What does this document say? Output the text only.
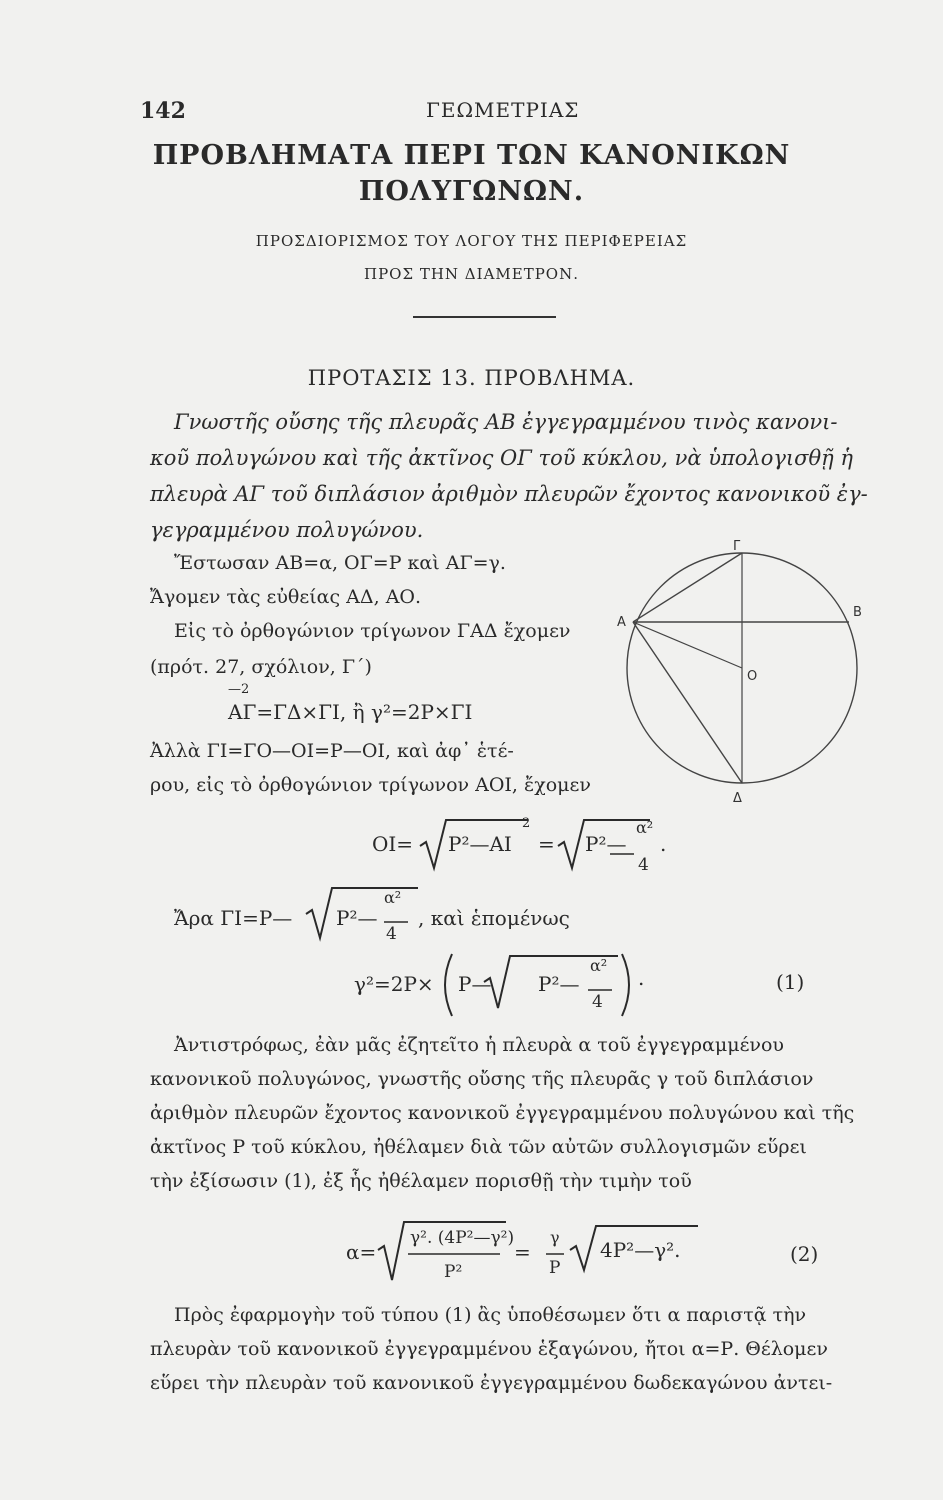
142	ΓΕΩΜΕΤΡΙΑΣ
ΠΡΟΒΛΗΜΑΤΑ ΠΕΡΙ ΤΩΝ ΚΑΝΟΝΙΚΩΝ
ΠΟΛΥΓΩΝΩΝ.
ΠΡΟΣΔΙΟΡΙΣΜΟΣ ΤΟΥ ΛΟΓΟΥ ΤΗΣ ΠΕΡΙΦΕΡΕΙΑΣ
ΠΡΟΣ ΤΗΝ ΔΙΑΜΕΤΡΟΝ.
ΠΡΟΤΑΣΙΣ 13. ΠΡΟΒΛΗΜΑ.
Γνωστῆς οὔσης τῆς πλευρᾶς ΑΒ ἐγγεγραμμένου τινὸς κανονι-
κοῦ πολυγώνου καὶ τῆς ἀκτῖνος ΟΓ τοῦ κύκλου, νὰ ὑπολογισθῇ ἡ
πλευρὰ ΑΓ τοῦ διπλάσιον ἀριθμὸν πλευρῶν ἔχοντος κανονικοῦ ἐγ-
γεγραμμένου πολυγώνου.
Ἔστωσαν ΑΒ=α, ΟΓ=Ρ καὶ ΑΓ=γ.
Ἄγομεν τὰς εὐθείας ΑΔ, ΑΟ.
Εἰς τὸ ὀρθογώνιον τρίγωνον ΓΑΔ ἔχομεν
(πρότ. 27, σχόλιον, Γ΄)
—2
ΑΓ=ΓΔ×ΓΙ, ἢ γ²=2Ρ×ΓΙ
Ἀλλὰ ΓΙ=ΓΟ—ΟΙ=Ρ—ΟΙ, καὶ ἀφ᾽ ἑτέ-
ρου, εἰς τὸ ὀρθογώνιον τρίγωνον ΑΟΙ, ἔχομεν
ΟΙ= Ρ²—ΑΙ
2
= Ρ²—
α²
4
.
Ἄρα ΓΙ=Ρ— Ρ²—
α²
4
, καὶ ἑπομένως
γ²=2Ρ× Ρ— Ρ²—
α²
4
.	(1)
Ἀντιστρόφως, ἐὰν μᾶς ἐζητεῖτο ἡ πλευρὰ α τοῦ ἐγγεγραμμένου
κανονικοῦ πολυγώνος, γνωστῆς οὔσης τῆς πλευρᾶς γ τοῦ διπλάσιον
ἀριθμὸν πλευρῶν ἔχοντος κανονικοῦ ἐγγεγραμμένου πολυγώνου καὶ τῆς
ἀκτῖνος Ρ τοῦ κύκλου, ἠθέλαμεν διὰ τῶν αὐτῶν συλλογισμῶν εὕρει
τὴν ἐξίσωσιν (1), ἐξ ἧς ἠθέλαμεν πορισθῇ τὴν τιμὴν τοῦ
α=
γ². (4Ρ²—γ²)
Ρ²
=
γ
Ρ
4Ρ²—γ².	(2)
Πρὸς ἐφαρμογὴν τοῦ τύπου (1) ἂς ὑποθέσωμεν ὅτι α παριστᾷ τὴν
πλευρὰν τοῦ κανονικοῦ ἐγγεγραμμένου ἑξαγώνου, ἤτοι α=Ρ. Θέλομεν
εὕρει τὴν πλευρὰν τοῦ κανονικοῦ ἐγγεγραμμένου δωδεκαγώνου ἀντει-
Γ
Α
Β
Ο
Δ
